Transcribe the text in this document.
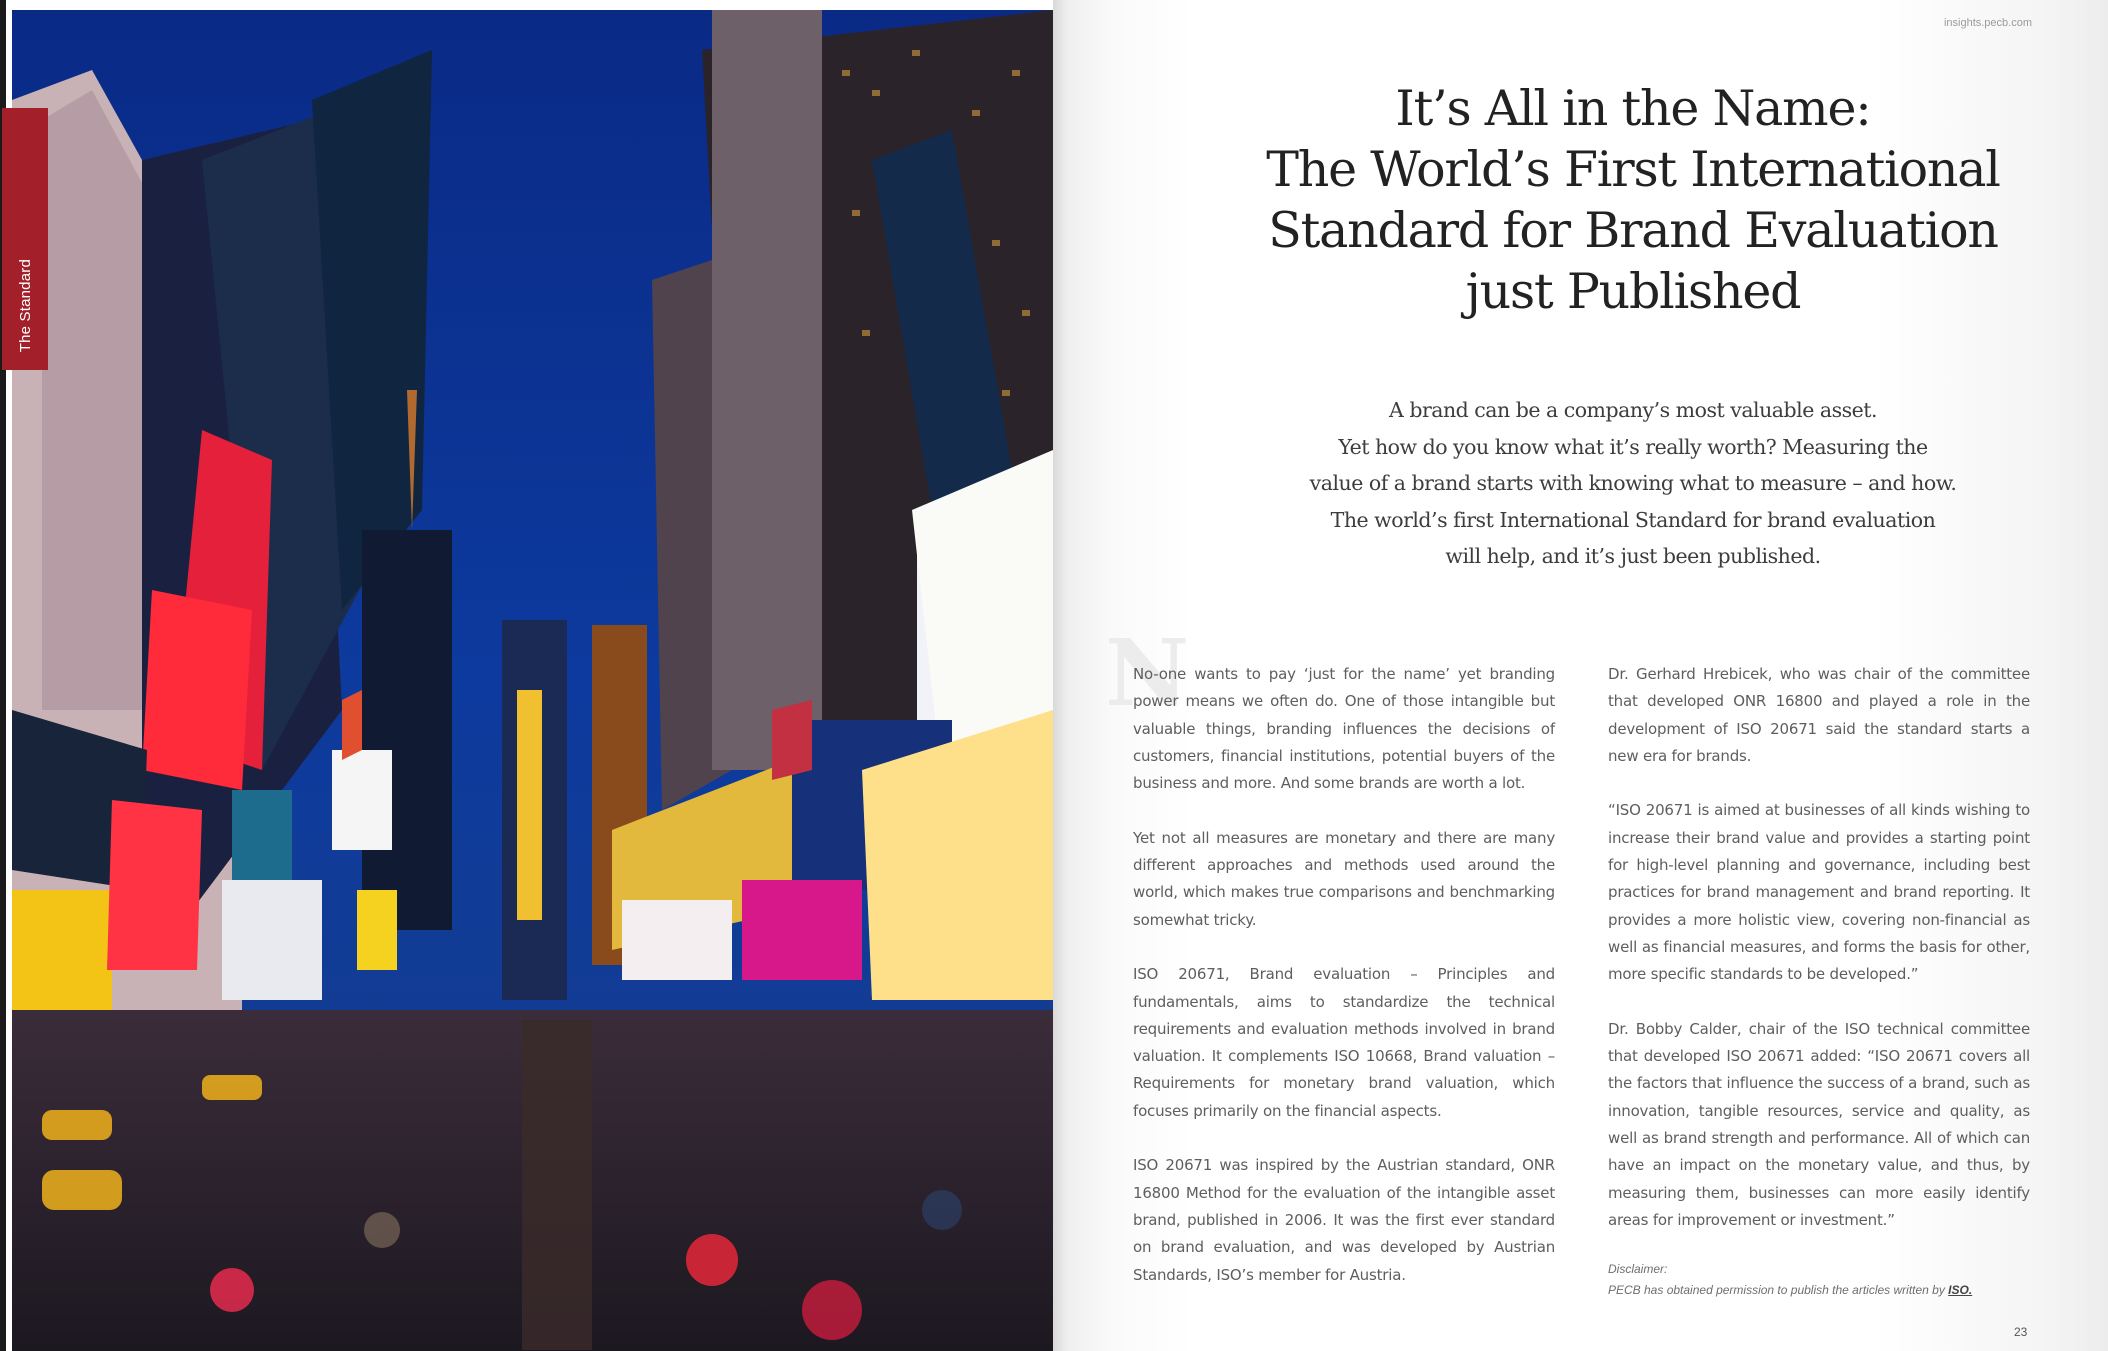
The Standard
insights.pecb.com
It’s All in the Name:
The World’s First International
Standard for Brand Evaluation
just Published

A brand can be a company’s most valuable asset.
Yet how do you know what it’s really worth? Measuring the
value of a brand starts with knowing what to measure – and how.
The world’s first International Standard for brand evaluation
will help, and it’s just been published.

N

No-one wants to pay ‘just for the name’ yet branding power means we often do. One of those intangible but valuable things, branding influences the decisions of customers, financial institutions, potential buyers of the business and more. And some brands are worth a lot.

Yet not all measures are monetary and there are many different approaches and methods used around the world, which makes true comparisons and benchmarking somewhat tricky.

ISO 20671, Brand evaluation – Principles and fundamentals, aims to standardize the technical requirements and evaluation methods involved in brand valuation. It complements ISO 10668, Brand valuation – Requirements for monetary brand valuation, which focuses primarily on the financial aspects.

ISO 20671 was inspired by the Austrian standard, ONR 16800 Method for the evaluation of the intangible asset brand, published in 2006. It was the first ever standard on brand evaluation, and was developed by Austrian Standards, ISO’s member for Austria.

Dr. Gerhard Hrebicek, who was chair of the committee that developed ONR 16800 and played a role in the development of ISO 20671 said the standard starts a new era for brands.

“ISO 20671 is aimed at businesses of all kinds wishing to increase their brand value and provides a starting point for high-level planning and governance, including best practices for brand management and brand reporting. It provides a more holistic view, covering non-financial as well as financial measures, and forms the basis for other, more specific standards to be developed.”

Dr. Bobby Calder, chair of the ISO technical committee that developed ISO 20671 added: “ISO 20671 covers all the factors that influence the success of a brand, such as innovation, tangible resources, service and quality, as well as brand strength and performance. All of which can have an impact on the monetary value, and thus, by measuring them, businesses can more easily identify areas for improvement or investment.”

Disclaimer:
PECB has obtained permission to publish the articles written by ISO.
23
